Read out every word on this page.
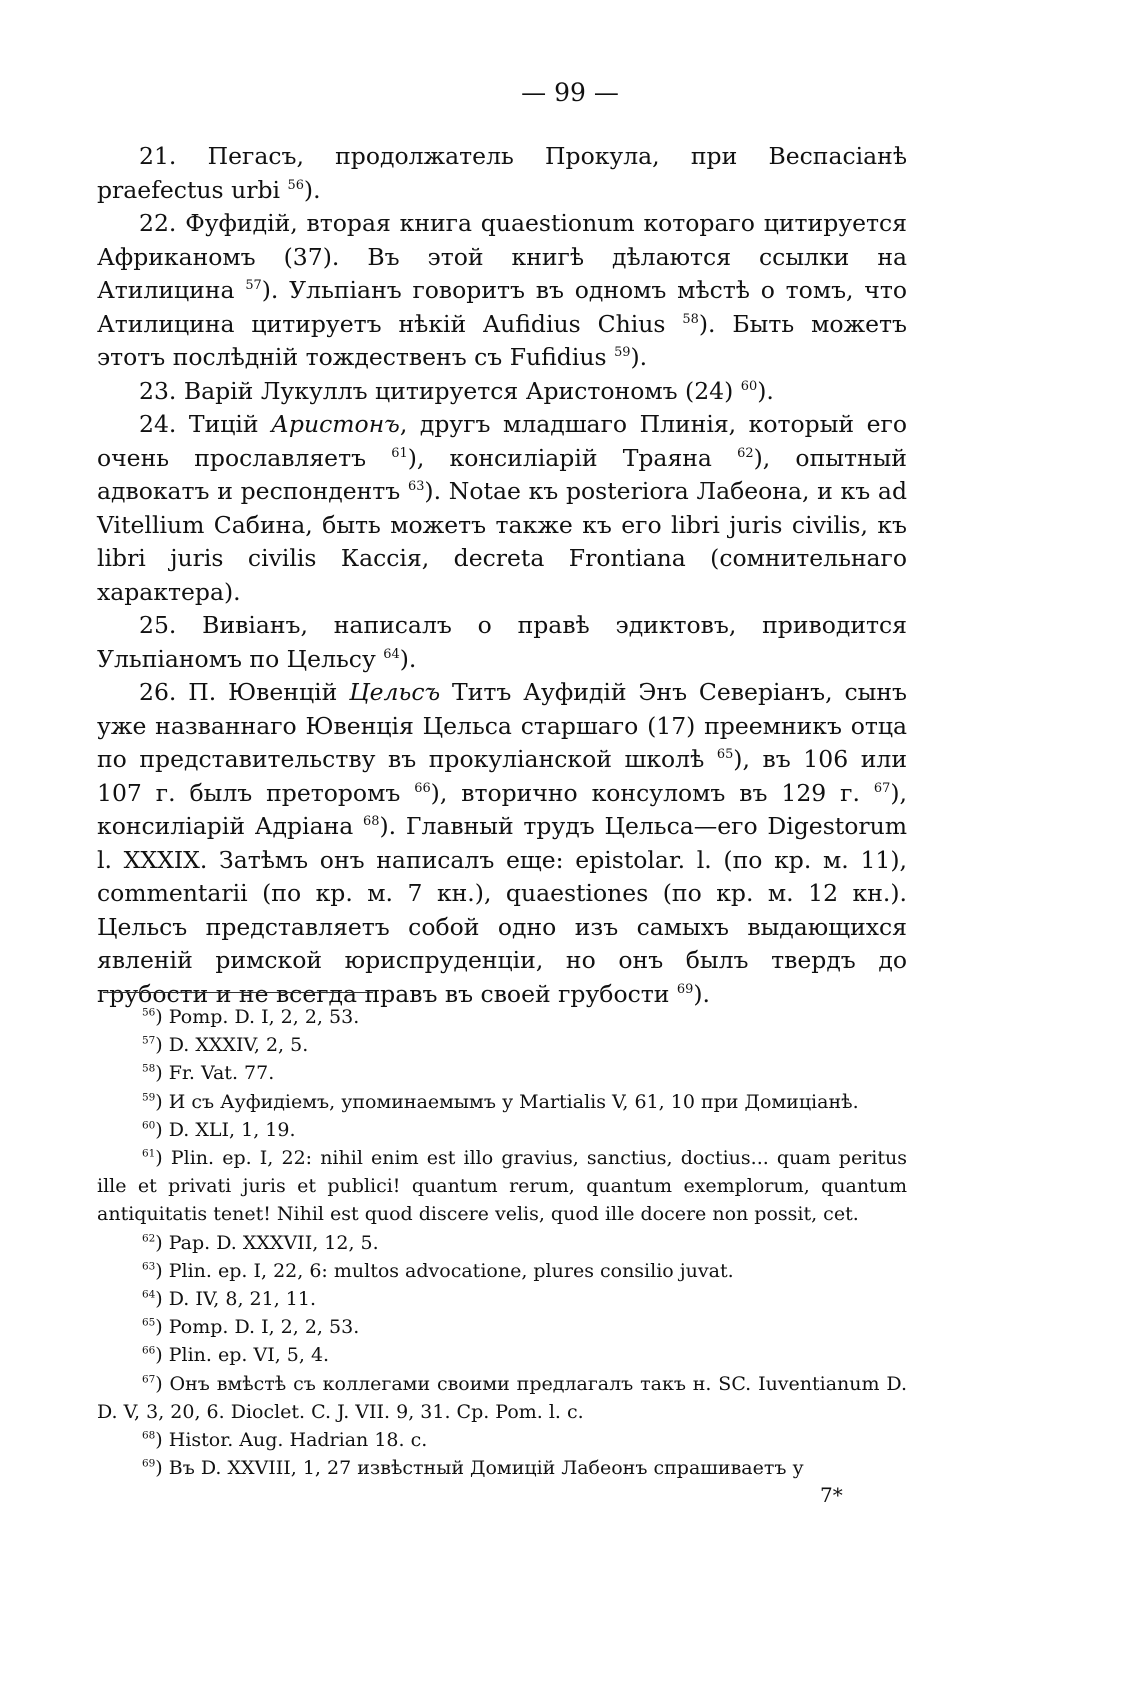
— 99 —

21. Пегасъ, продолжатель Прокула, при Веспасіанѣ praefectus urbi $^{56}$).

22. Фуфидій, вторая книга quaestionum котораго цитируется Африканомъ (37). Въ этой книгѣ дѣлаются ссылки на Атилицина $^{57}$). Ульпіанъ говоритъ въ одномъ мѣстѣ о томъ, что Атилицина цитируетъ нѣкій Aufidius Chius $^{58}$). Быть можетъ этотъ послѣдній тождественъ съ Fufidius $^{59}$).

23. Варій Лукуллъ цитируется Аристономъ (24) $^{60}$).

24. Тицій Аристонъ, другъ младшаго Плинія, который его очень прославляетъ $^{61}$), консиліарій Траяна $^{62}$), опытный адвокатъ и респондентъ $^{63}$). Notae къ posteriora Лабеона, и къ ad Vitellium Сабина, быть можетъ также къ его libri juris civilis, къ libri juris civilis Кассія, decreta Frontiana (сомнительнаго характера).

25. Вивіанъ, написалъ о правѣ эдиктовъ, приводится Ульпіаномъ по Цельсу $^{64}$).

26. П. Ювенцій Цельсъ Титъ Ауфидій Энъ Северіанъ, сынъ уже названнаго Ювенція Цельса старшаго (17) преемникъ отца по представительству въ прокуліанской школѣ $^{65}$), въ 106 или 107 г. былъ преторомъ $^{66}$), вторично консуломъ въ 129 г. $^{67}$), консиліарій Адріана $^{68}$). Главный трудъ Цельса—его Digestorum l. XXXIX. Затѣмъ онъ написалъ еще: epistolar. l. (по кр. м. 11), commentarii (по кр. м. 7 кн.), quaestiones (по кр. м. 12 кн.). Цельсъ представляетъ собой одно изъ самыхъ выдающихся явленій римской юриспруденціи, но онъ былъ твердъ до грубости и не всегда правъ въ своей грубости $^{69}$).

$^{56}$) Pomp. D. I, 2, 2, 53.

$^{57}$) D. XXXIV, 2, 5.

$^{58}$) Fr. Vat. 77.

$^{59}$) И съ Ауфидіемъ, упоминаемымъ у Martialis V, 61, 10 при Домиціанѣ.

$^{60}$) D. XLI, 1, 19.

$^{61}$) Plin. ep. I, 22: nihil enim est illo gravius, sanctius, doctius... quam peritus ille et privati juris et publici! quantum rerum, quantum exemplorum, quantum antiquitatis tenet! Nihil est quod discere velis, quod ille docere non possit, cet.

$^{62}$) Pap. D. XXXVII, 12, 5.

$^{63}$) Plin. ep. I, 22, 6: multos advocatione, plures consilio juvat.

$^{64}$) D. IV, 8, 21, 11.

$^{65}$) Pomp. D. I, 2, 2, 53.

$^{66}$) Plin. ep. VI, 5, 4.

$^{67}$) Онъ вмѣстѣ съ коллегами своими предлагалъ такъ н. SC. Iuventianum D. D. V, 3, 20, 6. Dioclet. C. J. VII. 9, 31. Ср. Pom. l. c.

$^{68}$) Histor. Aug. Hadrian 18. c.

$^{69}$) Въ D. XXVIII, 1, 27 извѣстный Домицій Лабеонъ спрашиваетъ у

7*
